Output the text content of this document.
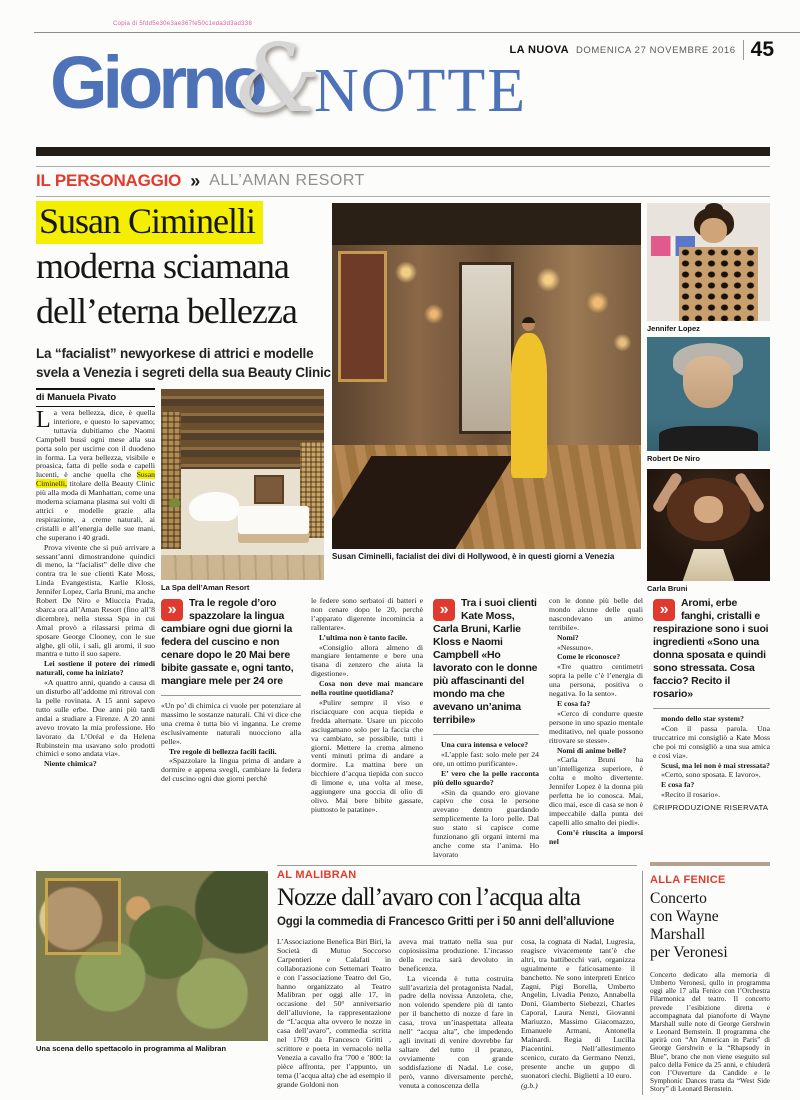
Copia di 5fdd5e30e3ae367fe50c1eda3d3ad338
LA NUOVA DOMENICA 27 NOVEMBRE 2016 45
Giorno
&
NOTTE
IL PERSONAGGIO » ALL’AMAN RESORT
Susan Ciminelli
moderna sciamana
dell’eterna bellezza
La “facialist” newyorkese di attrici e modelle
svela a Venezia i segreti della sua Beauty Clinic
di Manuela Pivato

La vera bellezza, dice, è quella interiore, e questo lo sapevamo; tuttavia dubitiamo che Naomi Campbell bussi ogni mese alla sua porta solo per uscirne con il duodeno in forma. La vera bellezza, visibile e proasica, fatta di pelle soda e capelli lucenti, è anche quella che Susan Ciminelli, titolare della Beauty Clinic più alla moda di Manhattan, come una moderna sciamana plasma sui volti di attrici e modelle grazie alla respirazione, a creme naturali, ai cristalli e all’energia delle sue mani, che superano i 40 gradi.

Prova vivente che si può arrivare a sessant’anni dimostrandone quindici di meno, la “facialist” delle dive che contra tra le sue clienti Kate Moss, Linda Evangestista, Karlie Kloss, Jennifer Lopez, Carla Bruni, ma anche Robert De Niro e Miuccia Prada, sbarca ora all’Aman Resort (fino all’8 dicembre), nella stessa Spa in cui Amal provò a rilassarsi prima di sposare George Clooney, con le sue alghe, gli olii, i sali, gli aromi, il suo mantra e tutto il suo sapere.

Lei sostiene il potere dei rimedi naturali, come ha iniziato?

«A quattro anni, quando a causa di un disturbo all’addome mi ritrovai con la pelle rovinata. A 15 anni sapevo tutto sulle erbe. Due anni più tardi andai a studiare a Firenze. A 20 anni avevo trovato la mia professione. Ho lavorato da L’Oréal e da Helena Rubinstein ma usavano solo prodotti chimici e sono andata via».

Niente chimica?

La Spa dell’Aman Resort
Susan Ciminelli, facialist dei divi di Hollywood, è in questi giorni a Venezia
Jennifer Lopez
Robert De Niro
Carla Bruni
»	Tra le regole d’oro spazzolare la lingua cambiare ogni due giorni la federa del cuscino e non cenare dopo le 20 Mai bere bibite gassate e, ogni tanto, mangiare mele per 24 ore

«Un po’ di chimica ci vuole per potenziare al massimo le sostanze naturali. Chi vi dice che una crema è tutta bio vi inganna. Le creme esclusivamente naturali nuocciono alla pelle».

Tre regole di bellezza facili facili.

«Spazzolare la lingua prima di andare a dormire e appena svegli, cambiare la federa del cuscino ogni due giorni perchè

le federe sono serbatoi di batteri e non cenare dopo le 20, perchè l’apparato digerente incomincia a rallentare».

L’ultima non è tanto facile.

«Consiglio allora almeno di mangiare lentamente e bere una tisana di zenzero che aiuta la digestione».

Cosa non deve mai mancare nella routine quotidiana?

«Pulire sempre il viso e risciacquare con acqua tiepida e fredda alternate. Usare un piccolo asciugamano solo per la faccia che va cambiato, se possibile, tutti i giorni. Mettere la crema almeno venti minuti prima di andare a dormire. La mattina bere un bicchiere d’acqua tiepida con succo di limone e, una volta al mese, aggiungere una goccia di olio di olivo. Mai bere bibite gassate, piuttosto le patatine».

»	Tra i suoi clienti Kate Moss, Carla Bruni, Karlie Kloss e Naomi Campbell «Ho lavorato con le donne più affascinanti del mondo ma che avevano un’anima terribile»

Una cura intensa e veloce?

«L’apple fast: solo mele per 24 ore, un ottimo purificante».

E’ vero che la pelle racconta più dello sguardo?

«Sin da quando ero giovane capivo che cosa le persone avevano dentro guardando semplicemente la loro pelle. Dal suo stato si capisce come funzionano gli organi interni ma anche come sta l’anima. Ho lavorato

con le donne più belle del mondo alcune delle quali nascondevano un animo terribile».

Nomi?

«Nessuno».

Come le riconosce?

«Tre quattro centimetri sopra la pelle c’è l’energia di una persona, positiva o negativa. Io la sento».

E cosa fa?

«Cerco di condurre queste persone in uno spazio mentale meditativo, nel quale possono ritrovare se stesse».

Nomi di anime belle?

«Carla Bruni ha un’intelligenza superiore, è colta e molto divertente. Jennifer Lopez è la donna più perfetta he io conosca. Mai, dico mai, esce di casa se non è impeccabile dalla punta dei capelli allo smalto dei piedi».

Com’è riuscita a imporsi nel

»	Aromi, erbe fanghi, cristalli e respirazione sono i suoi ingredienti «Sono una donna sposata e quindi sono stressata. Cosa faccio? Recito il rosario»

mondo dello star system?

«Con il passa parola. Una truccatrice mi consigliò a Kate Moss che poi mi consigliò a una sua amica e così via».

Scusi, ma lei non è mai stressata?

«Certo, sono sposata. E lavoro».

E cosa fa?

«Recito il rosario».

©RIPRODUZIONE RISERVATA

Una scena dello spettacolo in programma al Malibran
AL MALIBRAN
Nozze dall’avaro con l’acqua alta
Oggi la commedia di Francesco Gritti per i 50 anni dell’alluvione

L’Associazione Benefica Biri Biri, la Società di Mutuo Soccorso Carpentieri e Calafati in collaborazione con Settemari Teatro e con l’associazione Teatro del Go, hanno organizzato al Teatro Malibran per oggi alle 17, in occasione del 50° anniversario dell’alluvione, la rappresentazione de “L’acqua alta ovvero le nozze in casa dell’avaro”, commedia scritta nel 1769 da Francesco Gritti , scrittore e poeta in vernacolo nella Venezia a cavallo fra ’700 e ’800: la pièce affronta, per l’appunto, un tema (l’acqua alta) che ad esempio il grande Goldoni non

aveva mai trattato nella sua pur copiosissima produzione. L’incasso della recita sarà devoluto in beneficenza.

La vicenda è tutta costruita sull’avarizia del protagonista Nadal, padre della novissa Anzoleta, che, non volendo spendere più di tanto per il banchetto di nozze d fare in casa, trova un’inaspettata alleata nell’ “acqua alta”, che impedendo agli invitati di venire dovrebbe far saltare del tutto il pranzo, ovviamente con grande soddisfazione di Nadal. Le cose, però, vanno diversamente perché, venuta a conoscenza della

cosa, la cognata di Nadal, Lugresia, reagisce vivacemente tant’è che altri, tra battibecchi vari, organizza ugualmente e faticosamente il banchetto. Ne sono interpreti Enrico Zagni, Pigi Borella, Umberto Angelin, Livadia Penzo, Annabella Doni, Giamberto Siebezzi, Charles Caporal, Laura Nenzi, Giovanni Mariuzzo, Massimo Giacomazzo, Emanuele Armani, Antonella Mainardi. Regia di Lucilla Piacentini. Nell’allestimento scenico, curato da Germano Nenzi, presente anche un guppo di suonatori ciechi. Biglietti a 10 euro.

(g.b.)

ALLA FENICE
Concerto
con Wayne Marshall
per Veronesi

Concerto dedicato alla memoria di Umberto Veronesi, qullo in programma oggi alle 17 alla Fenice con l’Orchestra Filarmonica del teatro. Il concerto prevede l’esibizione diretta e accompagnata dal pianoforte di Wayne Marshall sulle note di George Gershwin e Leonard Bernstein. Il programma che aprirà con “An American in Paris” di George Gershwin e la “Rhapsody in Blue”, brano che non viene eseguito sul palco della Fenice da 25 anni, e chiuderà con l’Ouverture da Candide e le Symphonic Dances tratta da “West Side Story” di Leonard Bernstein.
